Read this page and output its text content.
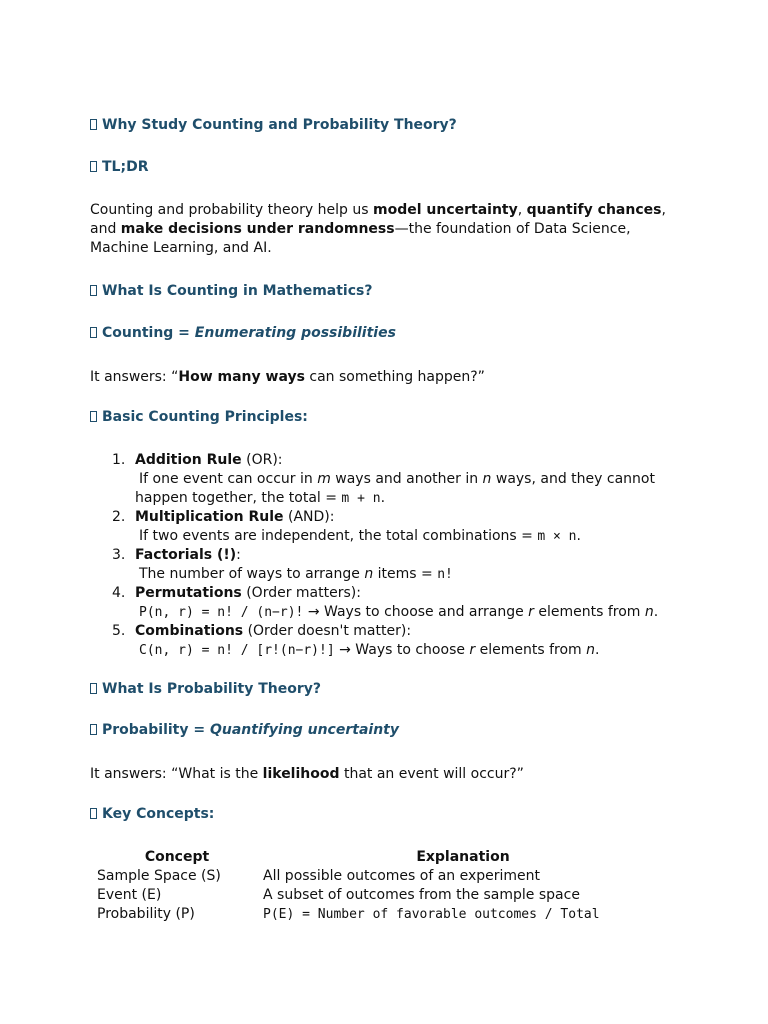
Why Study Counting and Probability Theory?
TL;DR
Counting and probability theory help us model uncertainty, quantify chances,
and make decisions under randomness—the foundation of Data Science,
Machine Learning, and AI.
What Is Counting in Mathematics?
Counting = Enumerating possibilities
It answers: “How many ways can something happen?”
Basic Counting Principles:
1. Addition Rule (OR):
If one event can occur in m ways and another in n ways, and they cannot
happen together, the total = m + n.
2. Multiplication Rule (AND):
If two events are independent, the total combinations = m × n.
3. Factorials (!):
The number of ways to arrange n items = n!
4. Permutations (Order matters):
P(n, r) = n! / (n−r)! → Ways to choose and arrange r elements from n.
5. Combinations (Order doesn't matter):
C(n, r) = n! / [r!(n−r)!] → Ways to choose r elements from n.
What Is Probability Theory?
Probability = Quantifying uncertainty
It answers: “What is the likelihood that an event will occur?”
Key Concepts:
Concept	Explanation
Sample Space (S)	All possible outcomes of an experiment
Event (E)	A subset of outcomes from the sample space
Probability (P)	P(E) = Number of favorable outcomes / Total
